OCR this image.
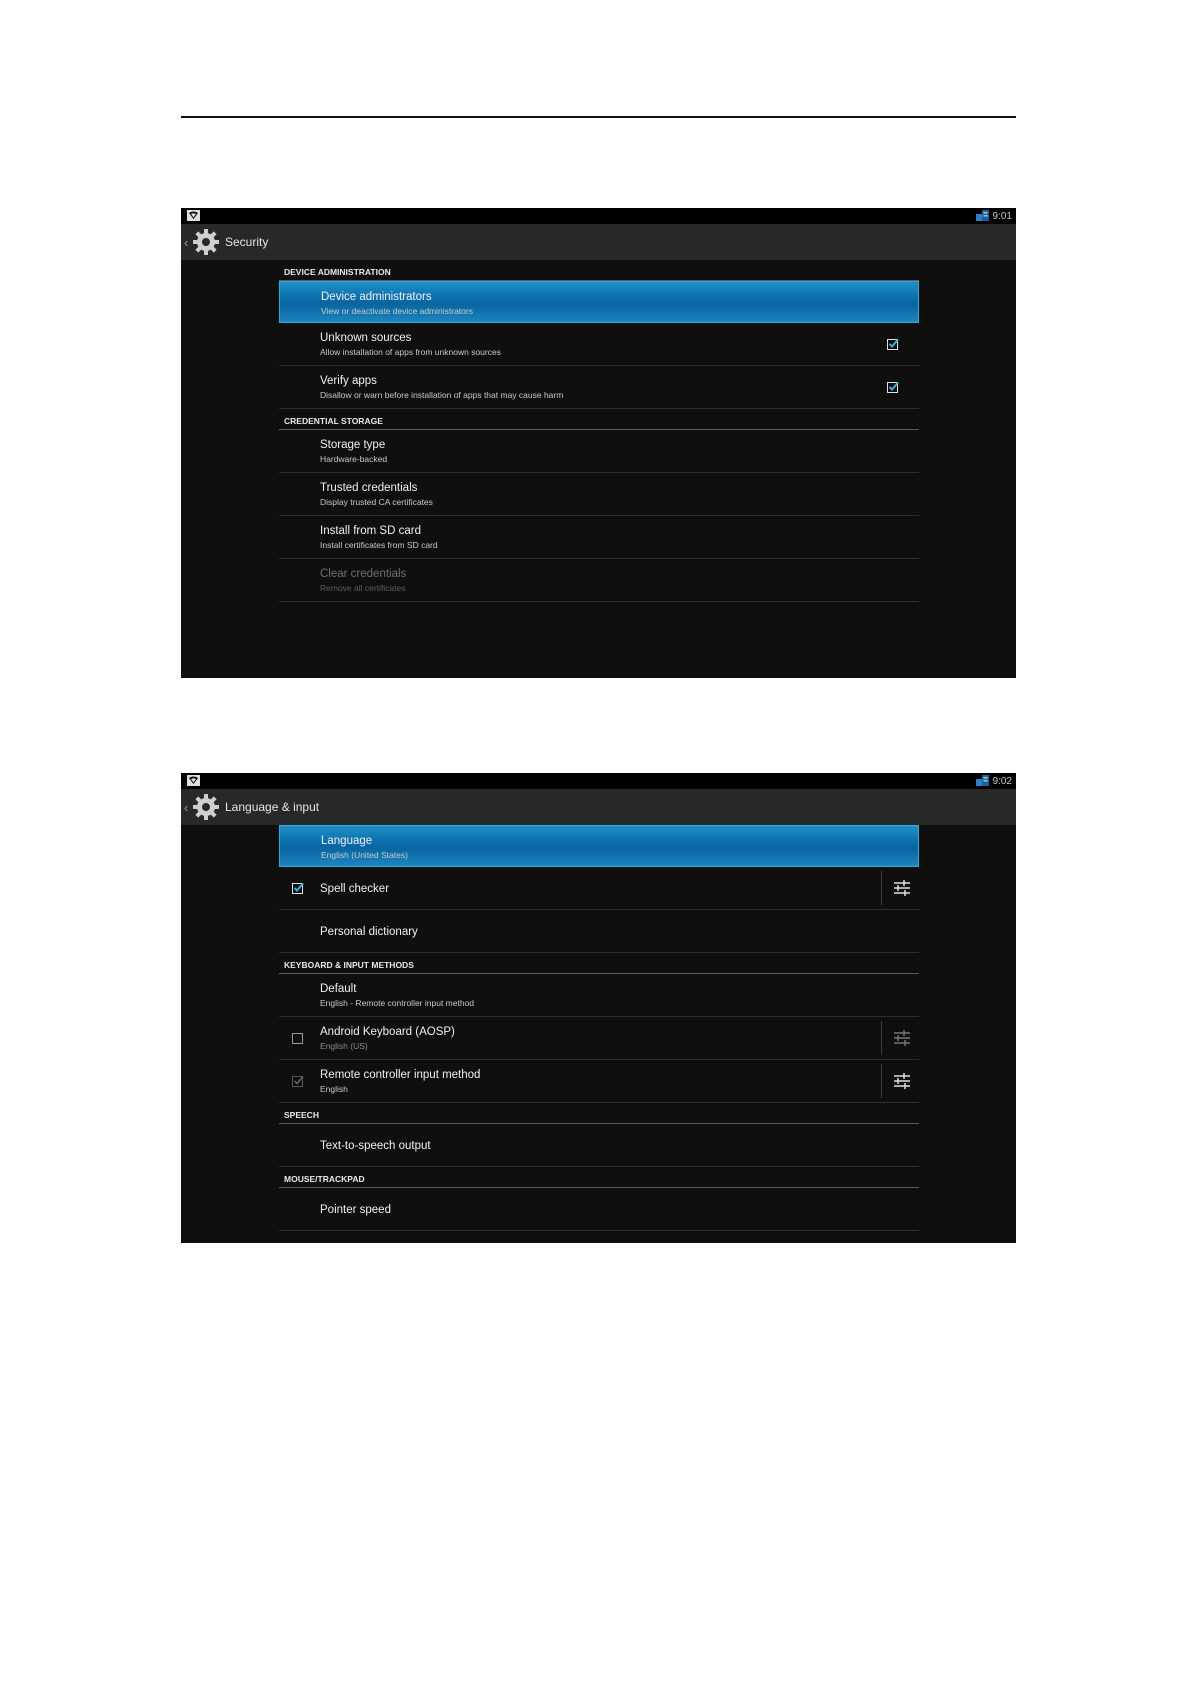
9:01
‹	Security
DEVICE ADMINISTRATION
Device administrators
View or deactivate device administrators
Unknown sources
Allow installation of apps from unknown sources
Verify apps
Disallow or warn before installation of apps that may cause harm
CREDENTIAL STORAGE
Storage type
Hardware-backed
Trusted credentials
Display trusted CA certificates
Install from SD card
Install certificates from SD card
Clear credentials
Remove all certificates
9:02
‹	Language & input
Language
English (United States)
Spell checker
Personal dictionary
KEYBOARD & INPUT METHODS
Default
English - Remote controller input method
Android Keyboard (AOSP)
English (US)
Remote controller input method
English
SPEECH
Text-to-speech output
MOUSE/TRACKPAD
Pointer speed
